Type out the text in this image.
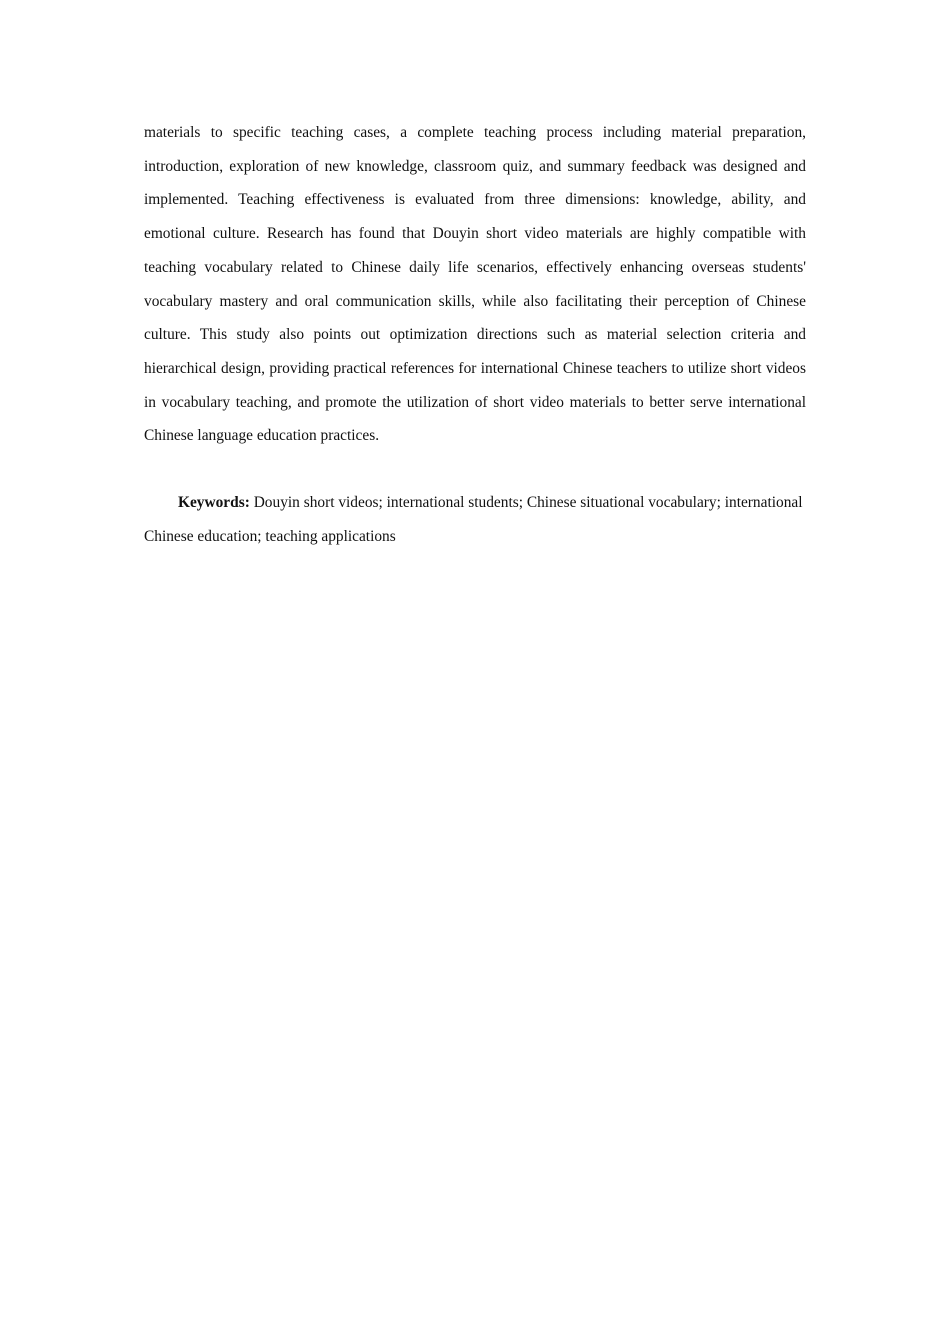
materials to specific teaching cases, a complete teaching process including material preparation, introduction, exploration of new knowledge, classroom quiz, and summary feedback was designed and implemented. Teaching effectiveness is evaluated from three dimensions: knowledge, ability, and emotional culture. Research has found that Douyin short video materials are highly compatible with teaching vocabulary related to Chinese daily life scenarios, effectively enhancing overseas students' vocabulary mastery and oral communication skills, while also facilitating their perception of Chinese culture. This study also points out optimization directions such as material selection criteria and hierarchical design, providing practical references for international Chinese teachers to utilize short videos in vocabulary teaching, and promote the utilization of short video materials to better serve international Chinese language education practices.

Keywords: Douyin short videos; international students; Chinese situational vocabulary; international Chinese education; teaching applications
